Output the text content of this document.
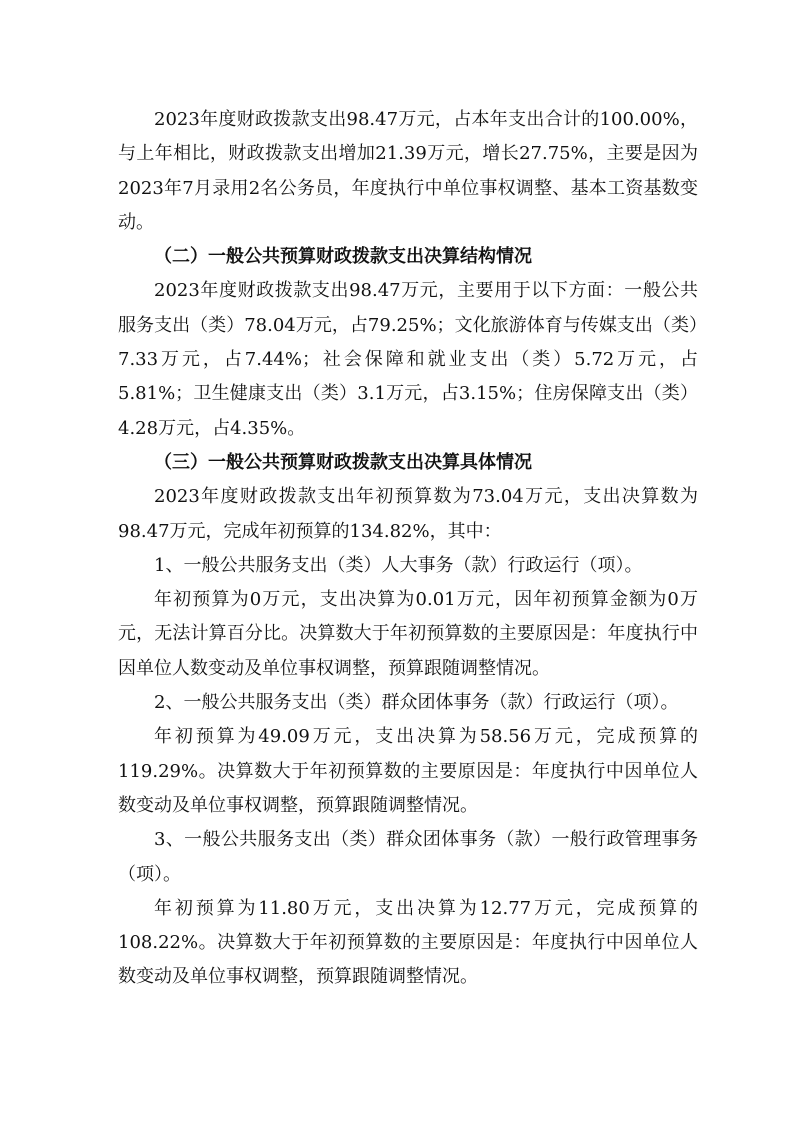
2023年度财政拨款支出98.47万元，占本年支出合计的100.00%，与上年相比，财政拨款支出增加21.39万元，增长27.75%，主要是因为2023年7月录用2名公务员，年度执行中单位事权调整、基本工资基数变动。

（二）一般公共预算财政拨款支出决算结构情况

2023年度财政拨款支出98.47万元，主要用于以下方面：一般公共服务支出（类）78.04万元，占79.25%；文化旅游体育与传媒支出（类）7.33万元，占7.44%；社会保障和就业支出（类）5.72万元，占5.81%；卫生健康支出（类）3.1万元，占3.15%；住房保障支出（类）4.28万元，占4.35%。

（三）一般公共预算财政拨款支出决算具体情况

2023年度财政拨款支出年初预算数为73.04万元，支出决算数为98.47万元，完成年初预算的134.82%，其中：

1、一般公共服务支出（类）人大事务（款）行政运行（项）。

年初预算为0万元，支出决算为0.01万元，因年初预算金额为0万元，无法计算百分比。决算数大于年初预算数的主要原因是：年度执行中因单位人数变动及单位事权调整，预算跟随调整情况。

2、一般公共服务支出（类）群众团体事务（款）行政运行（项）。

年初预算为49.09万元，支出决算为58.56万元，完成预算的119.29%。决算数大于年初预算数的主要原因是：年度执行中因单位人数变动及单位事权调整，预算跟随调整情况。

3、一般公共服务支出（类）群众团体事务（款）一般行政管理事务（项）。

年初预算为11.80万元，支出决算为12.77万元，完成预算的108.22%。决算数大于年初预算数的主要原因是：年度执行中因单位人数变动及单位事权调整，预算跟随调整情况。
